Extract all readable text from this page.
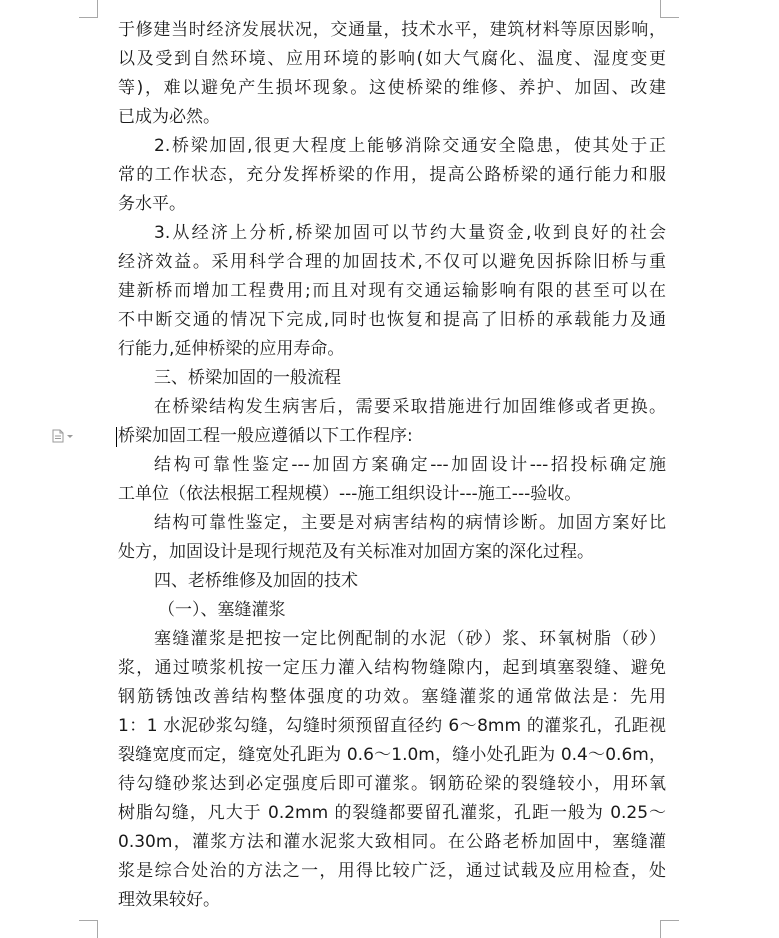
于修建当时经济发展状况，交通量，技术水平，建筑材料等原因影响，
以及受到自然环境、应用环境的影响(如大气腐化、温度、湿度变更
等)，难以避免产生损坏现象。这使桥梁的维修、养护、加固、改建
已成为必然。
2.桥梁加固,很更大程度上能够消除交通安全隐患，使其处于正
常的工作状态，充分发挥桥梁的作用，提高公路桥梁的通行能力和服
务水平。
3.从经济上分析,桥梁加固可以节约大量资金,收到良好的社会
经济效益。采用科学合理的加固技术,不仅可以避免因拆除旧桥与重
建新桥而增加工程费用;而且对现有交通运输影响有限的甚至可以在
不中断交通的情况下完成,同时也恢复和提高了旧桥的承载能力及通
行能力,延伸桥梁的应用寿命。
三、桥梁加固的一般流程
在桥梁结构发生病害后，需要采取措施进行加固维修或者更换。
桥梁加固工程一般应遵循以下工作程序:
结构可靠性鉴定---加固方案确定---加固设计---招投标确定施
工单位（依法根据工程规模）---施工组织设计---施工---验收。
结构可靠性鉴定，主要是对病害结构的病情诊断。加固方案好比
处方，加固设计是现行规范及有关标准对加固方案的深化过程。
四、老桥维修及加固的技术
（一）、塞缝灌浆
塞缝灌浆是把按一定比例配制的水泥（砂）浆、环氧树脂（砂）
浆，通过喷浆机按一定压力灌入结构物缝隙内，起到填塞裂缝、避免
钢筋锈蚀改善结构整体强度的功效。塞缝灌浆的通常做法是：先用
1：1 水泥砂浆勾缝，勾缝时须预留直径约 6～8mm 的灌浆孔，孔距视
裂缝宽度而定，缝宽处孔距为 0.6～1.0m，缝小处孔距为 0.4～0.6m，
待勾缝砂浆达到必定强度后即可灌浆。钢筋砼梁的裂缝较小，用环氧
树脂勾缝，凡大于 0.2mm 的裂缝都要留孔灌浆，孔距一般为 0.25～
0.30m，灌浆方法和灌水泥浆大致相同。在公路老桥加固中，塞缝灌
浆是综合处治的方法之一，用得比较广泛，通过试载及应用检查，处
理效果较好。
